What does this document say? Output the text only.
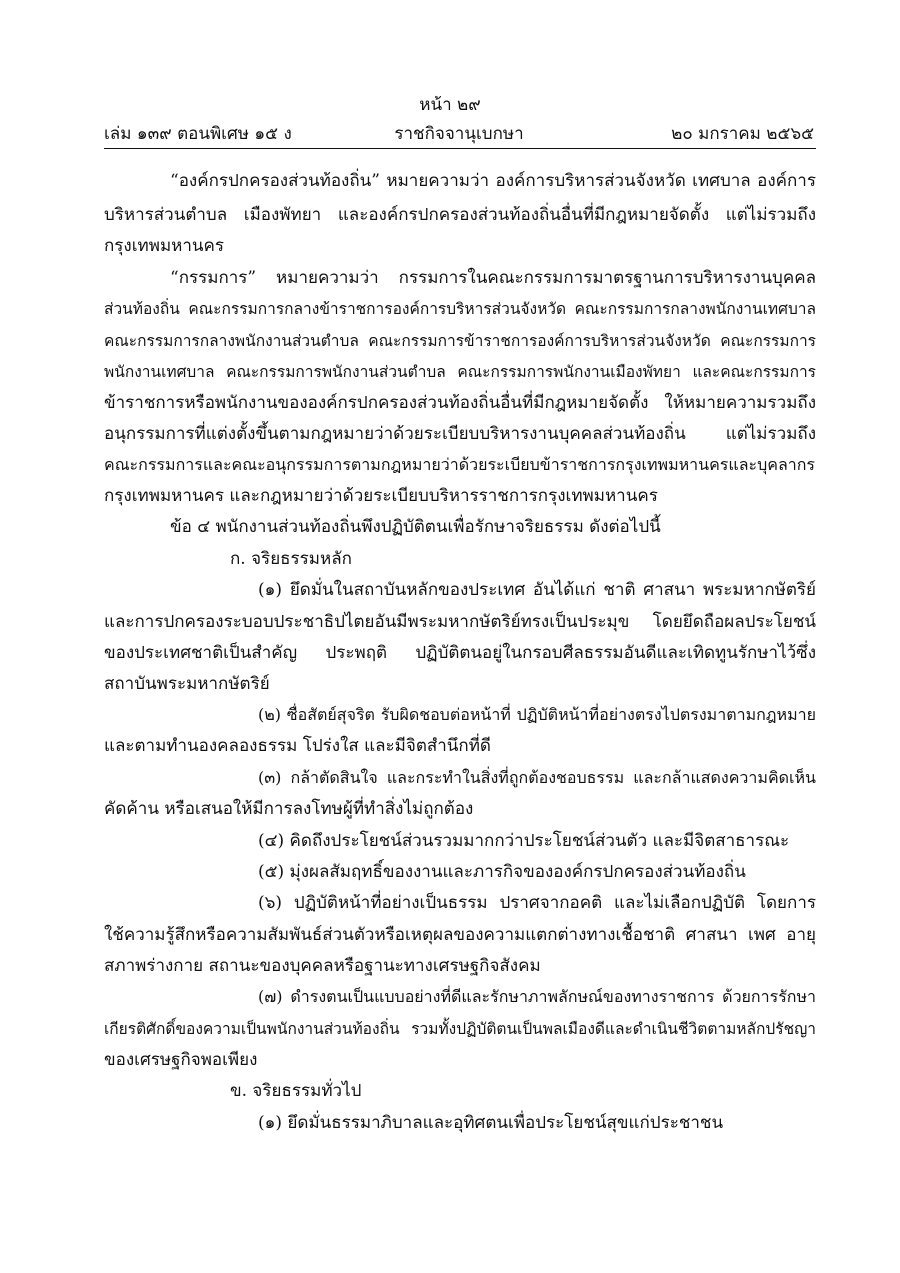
หน้า ๒๙
เล่ม ๑๓๙ ตอนพิเศษ ๑๕ ง	ราชกิจจานุเบกษา	๒๐ มกราคม ๒๕๖๕
“องค์กรปกครองส่วนท้องถิ่น” หมายความว่า องค์การบริหารส่วนจังหวัด เทศบาล องค์การ
บริหารส่วนตำบล เมืองพัทยา และองค์กรปกครองส่วนท้องถิ่นอื่นที่มีกฎหมายจัดตั้ง แต่ไม่รวมถึง
กรุงเทพมหานคร
“กรรมการ” หมายความว่า กรรมการในคณะกรรมการมาตรฐานการบริหารงานบุคคล
ส่วนท้องถิ่น คณะกรรมการกลางข้าราชการองค์การบริหารส่วนจังหวัด คณะกรรมการกลางพนักงานเทศบาล
คณะกรรมการกลางพนักงานส่วนตำบล คณะกรรมการข้าราชการองค์การบริหารส่วนจังหวัด คณะกรรมการ
พนักงานเทศบาล คณะกรรมการพนักงานส่วนตำบล คณะกรรมการพนักงานเมืองพัทยา และคณะกรรมการ
ข้าราชการหรือพนักงานขององค์กรปกครองส่วนท้องถิ่นอื่นที่มีกฎหมายจัดตั้ง ให้หมายความรวมถึง
อนุกรรมการที่แต่งตั้งขึ้นตามกฎหมายว่าด้วยระเบียบบริหารงานบุคคลส่วนท้องถิ่น แต่ไม่รวมถึง
คณะกรรมการและคณะอนุกรรมการตามกฎหมายว่าด้วยระเบียบข้าราชการกรุงเทพมหานครและบุคลากร
กรุงเทพมหานคร และกฎหมายว่าด้วยระเบียบบริหารราชการกรุงเทพมหานคร
ข้อ ๔ พนักงานส่วนท้องถิ่นพึงปฏิบัติตนเพื่อรักษาจริยธรรม ดังต่อไปนี้
ก. จริยธรรมหลัก
(๑) ยึดมั่นในสถาบันหลักของประเทศ อันได้แก่ ชาติ ศาสนา พระมหากษัตริย์
และการปกครองระบอบประชาธิปไตยอันมีพระมหากษัตริย์ทรงเป็นประมุข โดยยึดถือผลประโยชน์
ของประเทศชาติเป็นสำคัญ ประพฤติ ปฏิบัติตนอยู่ในกรอบศีลธรรมอันดีและเทิดทูนรักษาไว้ซึ่ง
สถาบันพระมหากษัตริย์
(๒) ซื่อสัตย์สุจริต รับผิดชอบต่อหน้าที่ ปฏิบัติหน้าที่อย่างตรงไปตรงมาตามกฎหมาย
และตามทำนองคลองธรรม โปร่งใส และมีจิตสำนึกที่ดี
(๓) กล้าตัดสินใจ และกระทำในสิ่งที่ถูกต้องชอบธรรม และกล้าแสดงความคิดเห็น
คัดค้าน หรือเสนอให้มีการลงโทษผู้ที่ทำสิ่งไม่ถูกต้อง
(๔) คิดถึงประโยชน์ส่วนรวมมากกว่าประโยชน์ส่วนตัว และมีจิตสาธารณะ
(๕) มุ่งผลสัมฤทธิ์ของงานและภารกิจขององค์กรปกครองส่วนท้องถิ่น
(๖) ปฏิบัติหน้าที่อย่างเป็นธรรม ปราศจากอคติ และไม่เลือกปฏิบัติ โดยการ
ใช้ความรู้สึกหรือความสัมพันธ์ส่วนตัวหรือเหตุผลของความแตกต่างทางเชื้อชาติ ศาสนา เพศ อายุ
สภาพร่างกาย สถานะของบุคคลหรือฐานะทางเศรษฐกิจสังคม
(๗) ดำรงตนเป็นแบบอย่างที่ดีและรักษาภาพลักษณ์ของทางราชการ ด้วยการรักษา
เกียรติศักดิ์ของความเป็นพนักงานส่วนท้องถิ่น รวมทั้งปฏิบัติตนเป็นพลเมืองดีและดำเนินชีวิตตามหลักปรัชญา
ของเศรษฐกิจพอเพียง
ข. จริยธรรมทั่วไป
(๑) ยึดมั่นธรรมาภิบาลและอุทิศตนเพื่อประโยชน์สุขแก่ประชาชน
